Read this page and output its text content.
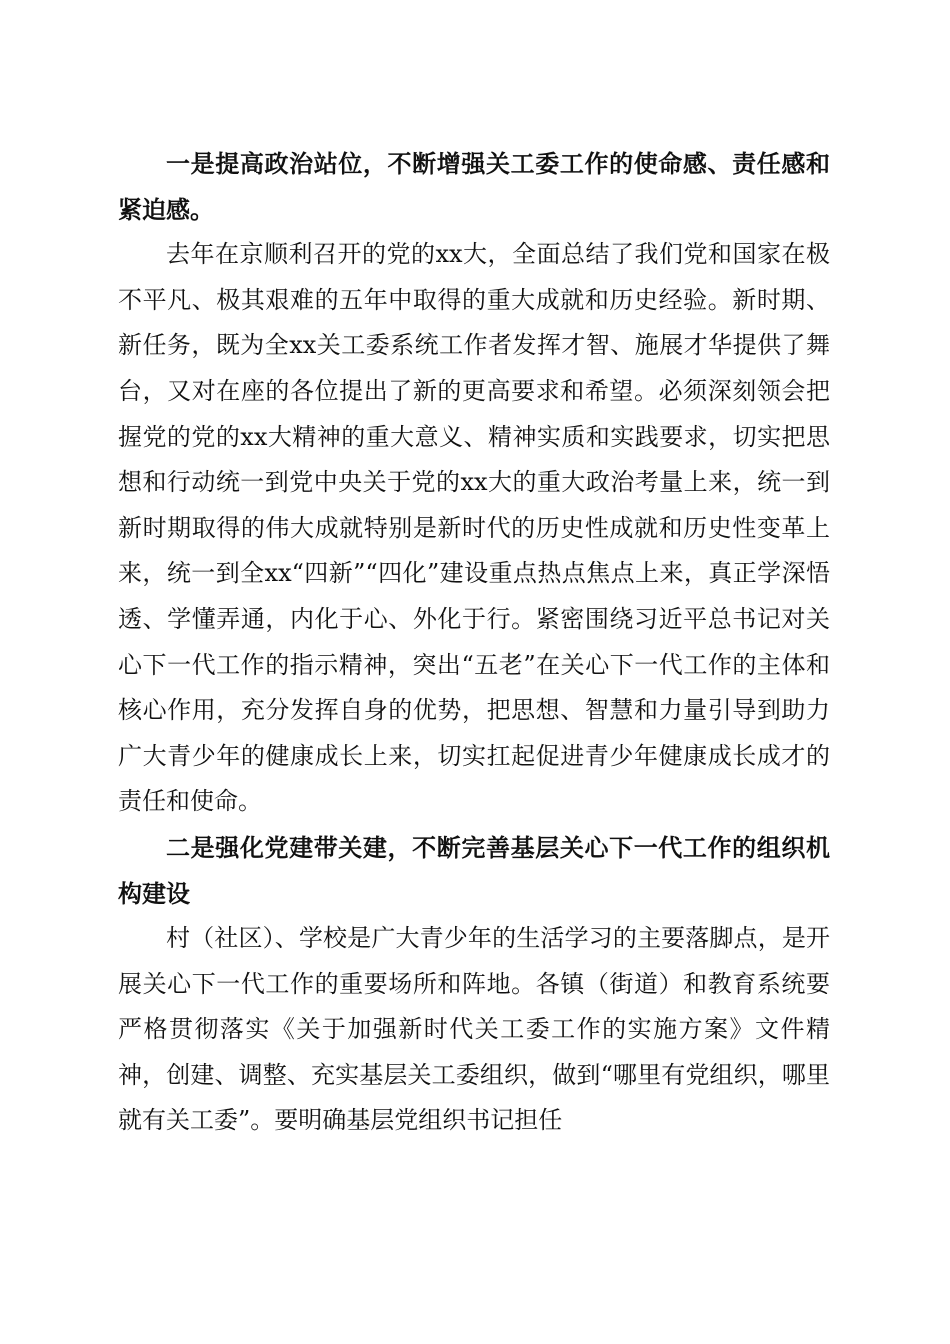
一是提高政治站位，不断增强关工委工作的使命感、责任感和紧迫感。

去年在京顺利召开的党的xx大，全面总结了我们党和国家在极不平凡、极其艰难的五年中取得的重大成就和历史经验。新时期、新任务，既为全xx关工委系统工作者发挥才智、施展才华提供了舞台，又对在座的各位提出了新的更高要求和希望。必须深刻领会把握党的党的xx大精神的重大意义、精神实质和实践要求，切实把思想和行动统一到党中央关于党的xx大的重大政治考量上来，统一到新时期取得的伟大成就特别是新时代的历史性成就和历史性变革上来，统一到全xx“四新”“四化”建设重点热点焦点上来，真正学深悟透、学懂弄通，内化于心、外化于行。紧密围绕习近平总书记对关心下一代工作的指示精神，突出“五老”在关心下一代工作的主体和核心作用，充分发挥自身的优势，把思想、智慧和力量引导到助力广大青少年的健康成长上来，切实扛起促进青少年健康成长成才的责任和使命。

二是强化党建带关建，不断完善基层关心下一代工作的组织机构建设

村（社区）、学校是广大青少年的生活学习的主要落脚点，是开展关心下一代工作的重要场所和阵地。各镇（街道）和教育系统要严格贯彻落实《关于加强新时代关工委工作的实施方案》文件精神，创建、调整、充实基层关工委组织，做到“哪里有党组织，哪里就有关工委”。要明确基层党组织书记担任
